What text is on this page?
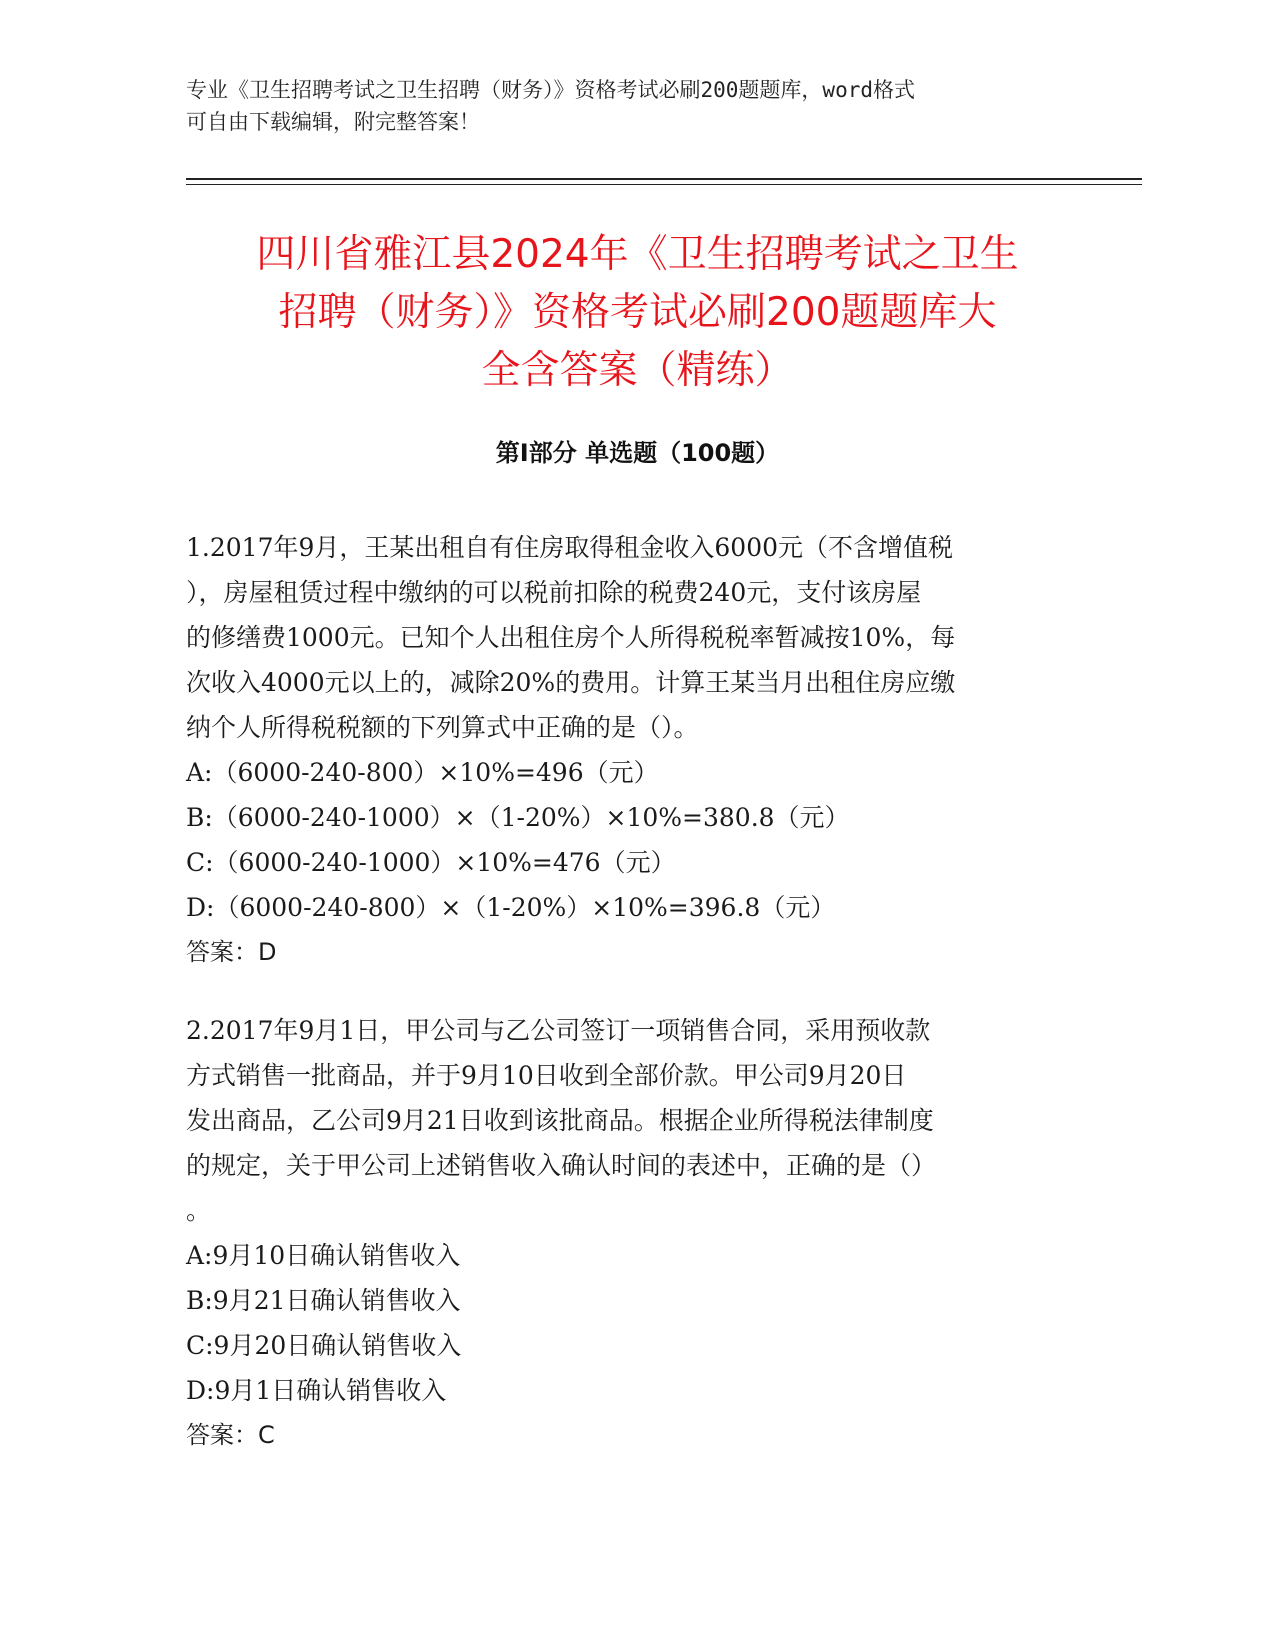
专业《卫生招聘考试之卫生招聘（财务）》资格考试必刷200题题库，word格式
可自由下载编辑，附完整答案！
四川省雅江县2024年《卫生招聘考试之卫生
招聘（财务）》资格考试必刷200题题库大
全含答案（精练）
第Ⅰ部分 单选题（100题）
1.2017年9月，王某出租自有住房取得租金收入6000元（不含增值税
），房屋租赁过程中缴纳的可以税前扣除的税费240元，支付该房屋
的修缮费1000元。已知个人出租住房个人所得税税率暂减按10%，每
次收入4000元以上的，减除20%的费用。计算王某当月出租住房应缴
纳个人所得税税额的下列算式中正确的是（）。
A:（6000-240-800）×10%=496（元）
B:（6000-240-1000）×（1-20%）×10%=380.8（元）
C:（6000-240-1000）×10%=476（元）
D:（6000-240-800）×（1-20%）×10%=396.8（元）
答案：D
2.2017年9月1日，甲公司与乙公司签订一项销售合同，采用预收款
方式销售一批商品，并于9月10日收到全部价款。甲公司9月20日
发出商品，乙公司9月21日收到该批商品。根据企业所得税法律制度
的规定，关于甲公司上述销售收入确认时间的表述中，正确的是（）
。
A:9月10日确认销售收入
B:9月21日确认销售收入
C:9月20日确认销售收入
D:9月1日确认销售收入
答案：C
